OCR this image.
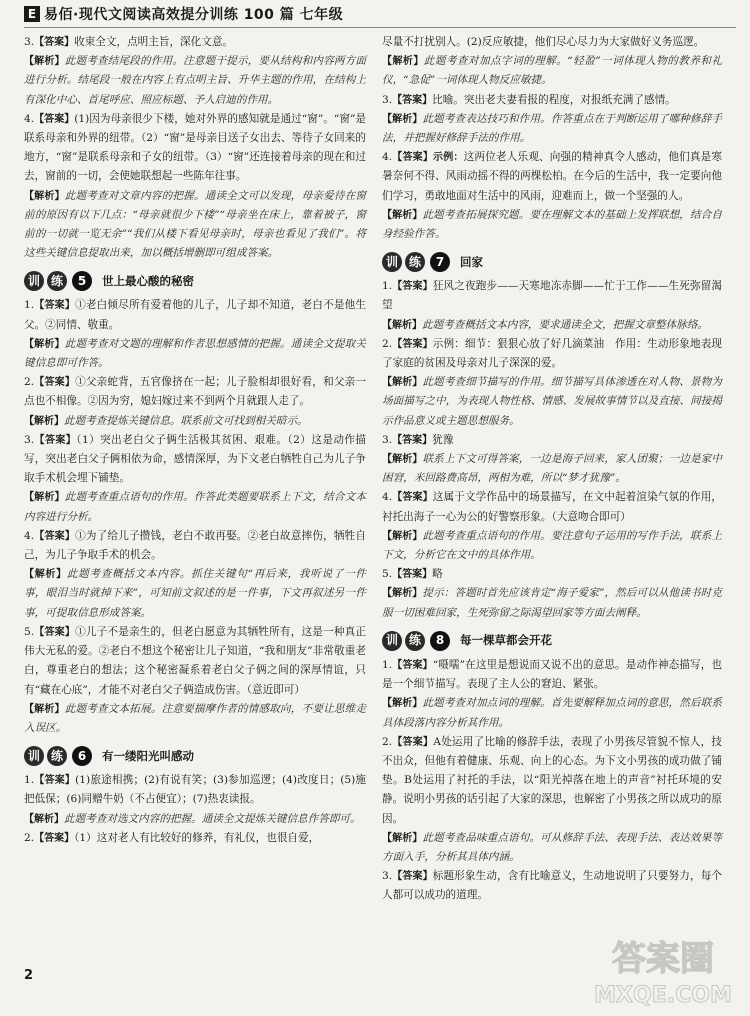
E 易佰·现代文阅读高效提分训练 100 篇 七年级

3.【答案】收束全文，点明主旨，深化文意。

【解析】此题考查结尾段的作用。注意题干提示，要从结构和内容两方面进行分析。结尾段一般在内容上有点明主旨、升华主题的作用，在结构上有深化中心、首尾呼应、照应标题、予人启迪的作用。

4.【答案】(1)因为母亲很少下楼，她对外界的感知就是通过“窗”。“窗”是联系母亲和外界的纽带。（2）“窗”是母亲目送子女出去、等待子女回来的地方，“窗”是联系母亲和子女的纽带。（3）“窗”还连接着母亲的现在和过去，窗前的一切，会使她联想起一些陈年往事。

【解析】此题考查对文章内容的把握。通读全文可以发现，母亲爱待在窗前的原因有以下几点：“母亲就很少下楼”“母亲坐在床上，靠着被子，窗前的一切就一览无余”“我们从楼下看见母亲时，母亲也看见了我们”。将这些关键信息提取出来，加以概括增删即可组成答案。

训 练	5	世上最心酸的秘密

1.【答案】①老白倾尽所有爱着他的儿子，儿子却不知道，老白不是他生父。②同情、敬重。

【解析】此题考查对文题的理解和作者思想感情的把握。通读全文提取关键信息即可作答。

2.【答案】①父亲蛇背，五官像挤在一起；儿子脸相却很好看，和父亲一点也不相像。②因为穷，媳妇嫁过来不到两个月就跟人走了。

【解析】此题考查提炼关键信息。联系前文可找到相关暗示。

3.【答案】（1）突出老白父子俩生活极其贫困、艰难。（2）这是动作描写，突出老白父子俩相依为命，感情深厚，为下文老白牺牲自己为儿子争取手术机会埋下铺垫。

【解析】此题考查重点语句的作用。作答此类题要联系上下文，结合文本内容进行分析。

4.【答案】①为了给儿子攒钱，老白不敢再娶。②老白故意摔伤，牺牲自己，为儿子争取手术的机会。

【解析】此题考查概括文本内容。抓住关键句“再后来，我听说了一件事，眼泪当时就掉下来”，可知前文叙述的是一件事，下文再叙述另一件事，可提取信息形成答案。

5.【答案】①儿子不是亲生的，但老白愿意为其牺牲所有，这是一种真正伟大无私的爱。②老白不想这个秘密让儿子知道，“我和朋友”非常敬重老白，尊重老白的想法；这个秘密凝系着老白父子俩之间的深厚情谊，只有“藏在心底”，才能不对老白父子俩造成伤害。（意近即可）

【解析】此题考查文本拓展。注意要揣摩作者的情感取向，不要让思维走入误区。

训 练	6	有一缕阳光叫感动

1.【答案】(1)旅途相携；(2)有说有笑；(3)参加巡逻；(4)改度日；(5)施把低保；(6)同赠牛奶（不占便宜）；(7)热衷读报。

【解析】此题考查对选文内容的把握。通读全文提炼关键信息作答即可。

2.【答案】（1）这对老人有比较好的修养，有礼仪，也很自爱，

尽量不打扰别人。(2)反应敏捷，他们尽心尽力为大家做好义务巡逻。

【解析】此题考查对加点字词的理解。“轻盈”一词体现人物的教养和礼仪，“急促”一词体现人物反应敏捷。

3.【答案】比喻。突出老夫妻看报的程度，对报纸充满了感情。

【解析】此题考查表达技巧和作用。作答重点在于判断运用了哪种修辞手法，并把握好修辞手法的作用。

4.【答案】示例：这两位老人乐观、向强的精神真令人感动，他们真是寒暑奈何不得、风雨动摇不得的两棵松柏。在今后的生活中，我一定要向他们学习，勇敢地面对生活中的风雨，迎难而上，做一个坚强的人。

【解析】此题考查拓展探究题。要在理解文本的基础上发挥联想，结合自身经验作答。

训 练	7	回家

1.【答案】狂风之夜跑步——天寒地冻赤脚——忙于工作——生死弥留渴望

【解析】此题考查概括文本内容，要求通读全文，把握文章整体脉络。

2.【答案】示例：细节：狠狠心放了好几滴菜油　作用：生动形象地表现了家庭的贫困及母亲对儿子深深的爱。

【解析】此题考查细节描写的作用。细节描写具体渗透在对人物、景物为场面描写之中，为表现人物性格、情感、发展故事情节以及直接、间接揭示作品意义或主题思想服务。

3.【答案】犹豫

【解析】联系上下文可得答案，一边是海子回来，家人团聚；一边是家中困窘，米回路费高昂，两相为难，所以“梦才犹豫”。

4.【答案】这属于文学作品中的场景描写，在文中起着渲染气氛的作用，衬托出海子一心为公的好警察形象。（大意吻合即可）

【解析】此题考查重点语句的作用。要注意句子运用的写作手法，联系上下文，分析它在文中的具体作用。

5.【答案】略

【解析】提示：答题时首先应该肯定“海子爱家”，然后可以从他读书时克服一切困难回家，生死弥留之际渴望回家等方面去阐释。

训 练	8	每一棵草都会开花

1.【答案】“嗫嚅”在这里是想说而又说不出的意思。是动作神态描写，也是一个细节描写。表现了主人公的窘迫、紧张。

【解析】此题考查对加点词的理解。首先要解释加点词的意思，然后联系具体段落内容分析其作用。

2.【答案】A处运用了比喻的修辞手法，表现了小男孩尽管貌不惊人，技不出众，但他有着健康、乐观、向上的心态。为下文小男孩的成功做了铺垫。B处运用了衬托的手法，以“阳光掉落在地上的声音”衬托环境的安静。说明小男孩的话引起了大家的深思，也解密了小男孩之所以成功的原因。

【解析】此题考查品味重点语句。可从修辞手法、表现手法、表达效果等方面入手，分析其具体内涵。

3.【答案】标题形象生动，含有比喻意义，生动地说明了只要努力，每个人都可以成功的道理。

2	答案圈
MXQE.COM
